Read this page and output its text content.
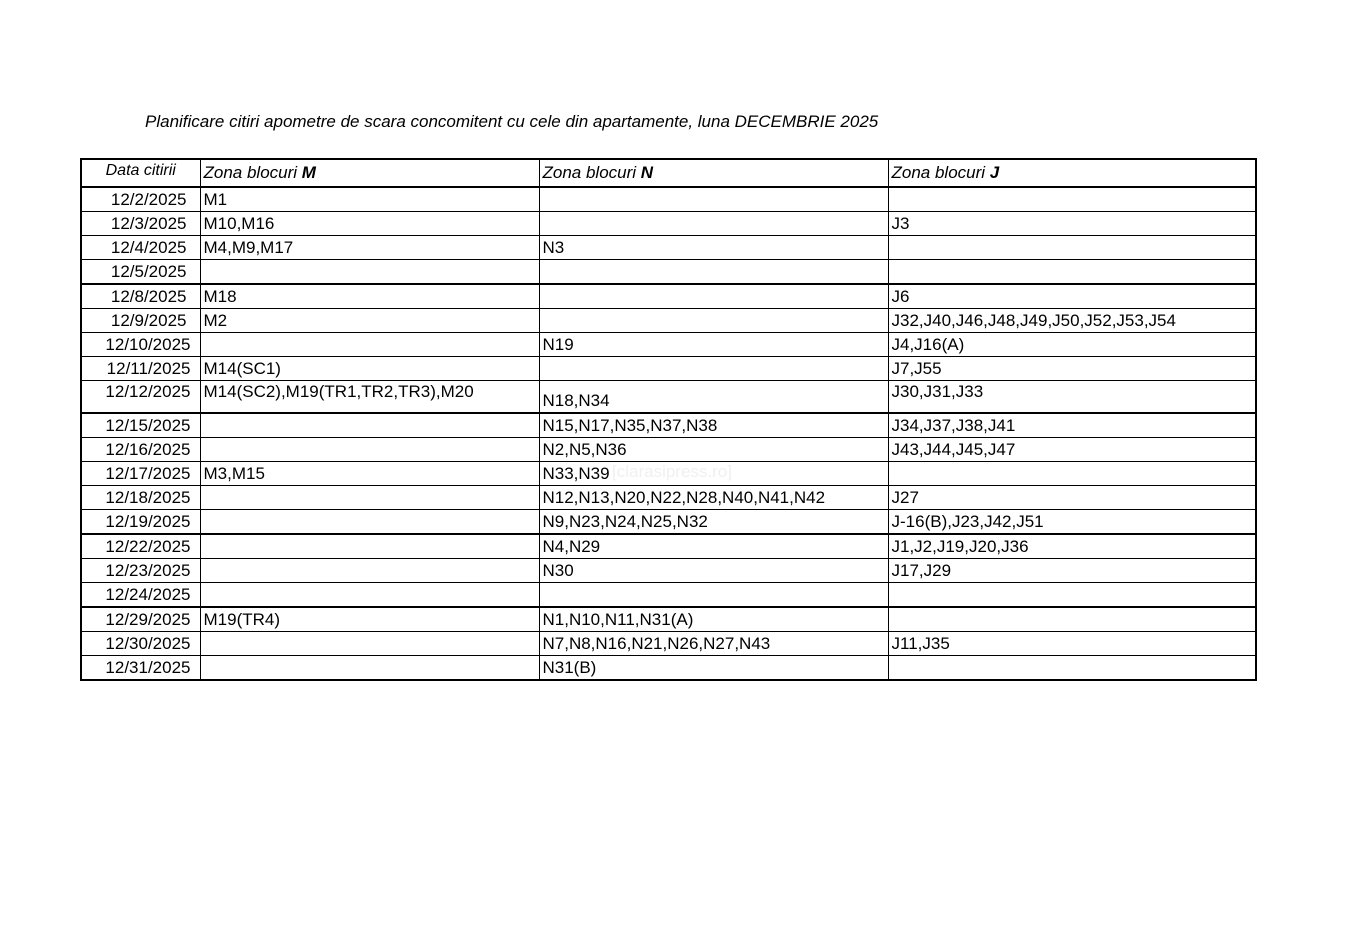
Planificare citiri apometre de scara concomitent cu cele din apartamente, luna DECEMBRIE 2025
[clarasipress.ro]
Data citirii	Zona blocuri M	Zona blocuri N	Zona blocuri J
12/2/2025	M1		
12/3/2025	M10,M16		J3
12/4/2025	M4,M9,M17	N3	
12/5/2025			
12/8/2025	M18		J6
12/9/2025	M2		J32,J40,J46,J48,J49,J50,J52,J53,J54
12/10/2025		N19	J4,J16(A)
12/11/2025	M14(SC1)		J7,J55
12/12/2025	M14(SC2),M19(TR1,TR2,TR3),M20	N18,N34	J30,J31,J33
12/15/2025		N15,N17,N35,N37,N38	J34,J37,J38,J41
12/16/2025		N2,N5,N36	J43,J44,J45,J47
12/17/2025	M3,M15	N33,N39	
12/18/2025		N12,N13,N20,N22,N28,N40,N41,N42	J27
12/19/2025		N9,N23,N24,N25,N32	J-16(B),J23,J42,J51
12/22/2025		N4,N29	J1,J2,J19,J20,J36
12/23/2025		N30	J17,J29
12/24/2025			
12/29/2025	M19(TR4)	N1,N10,N11,N31(A)	
12/30/2025		N7,N8,N16,N21,N26,N27,N43	J11,J35
12/31/2025		N31(B)	
